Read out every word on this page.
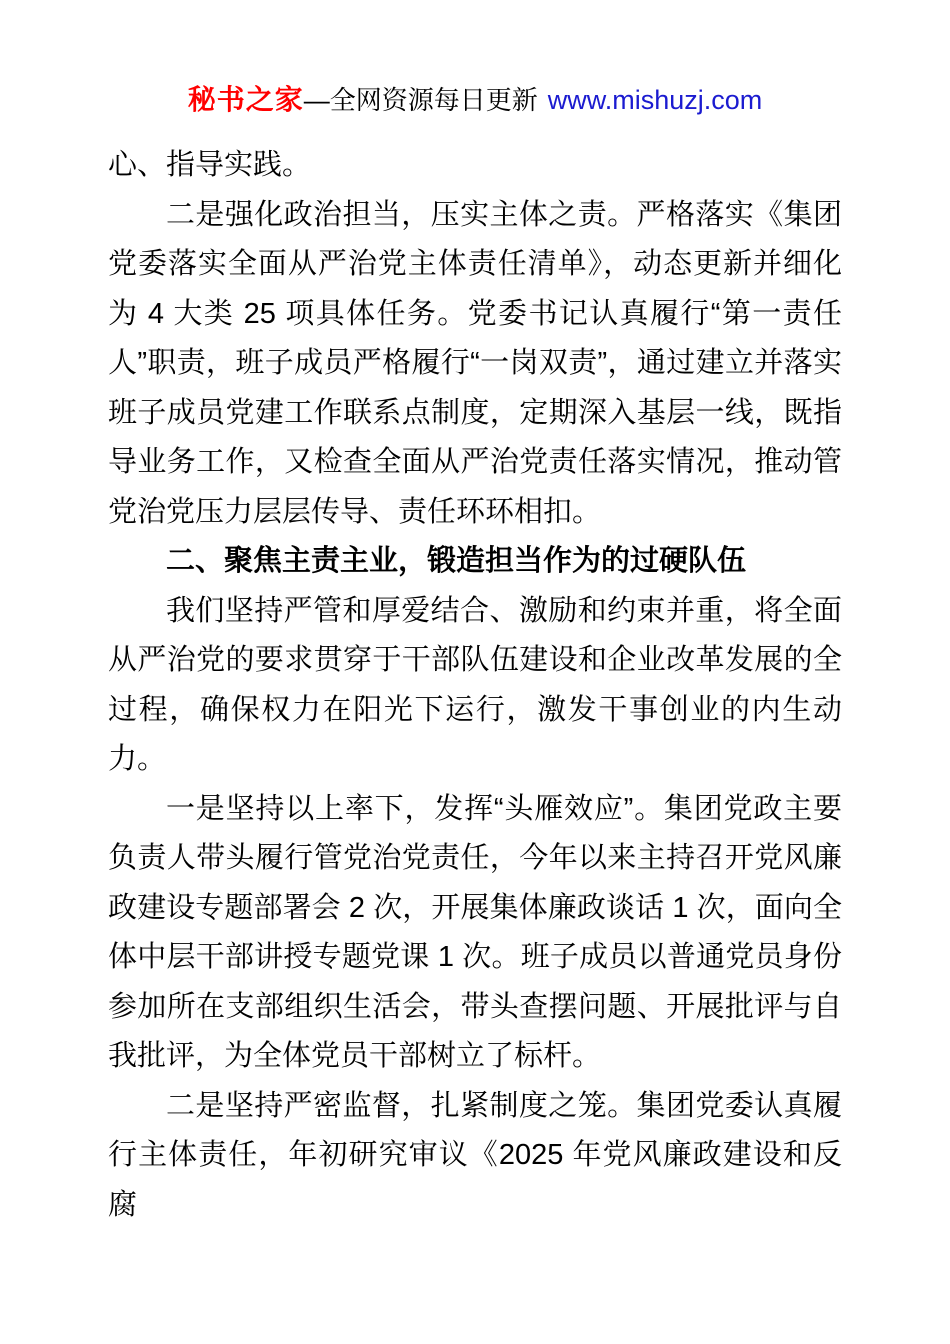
秘书之家—全网资源每日更新 www.mishuzj.com

心、指导实践。

二是强化政治担当，压实主体之责。严格落实《集团党委落实全面从严治党主体责任清单》，动态更新并细化为 4 大类 25 项具体任务。党委书记认真履行“第一责任人”职责，班子成员严格履行“一岗双责”，通过建立并落实班子成员党建工作联系点制度，定期深入基层一线，既指导业务工作，又检查全面从严治党责任落实情况，推动管党治党压力层层传导、责任环环相扣。

二、聚焦主责主业，锻造担当作为的过硬队伍

我们坚持严管和厚爱结合、激励和约束并重，将全面从严治党的要求贯穿于干部队伍建设和企业改革发展的全过程，确保权力在阳光下运行，激发干事创业的内生动力。

一是坚持以上率下，发挥“头雁效应”。集团党政主要负责人带头履行管党治党责任，今年以来主持召开党风廉政建设专题部署会 2 次，开展集体廉政谈话 1 次，面向全体中层干部讲授专题党课 1 次。班子成员以普通党员身份参加所在支部组织生活会，带头查摆问题、开展批评与自我批评，为全体党员干部树立了标杆。

二是坚持严密监督，扎紧制度之笼。集团党委认真履行主体责任，年初研究审议《2025 年党风廉政建设和反腐
